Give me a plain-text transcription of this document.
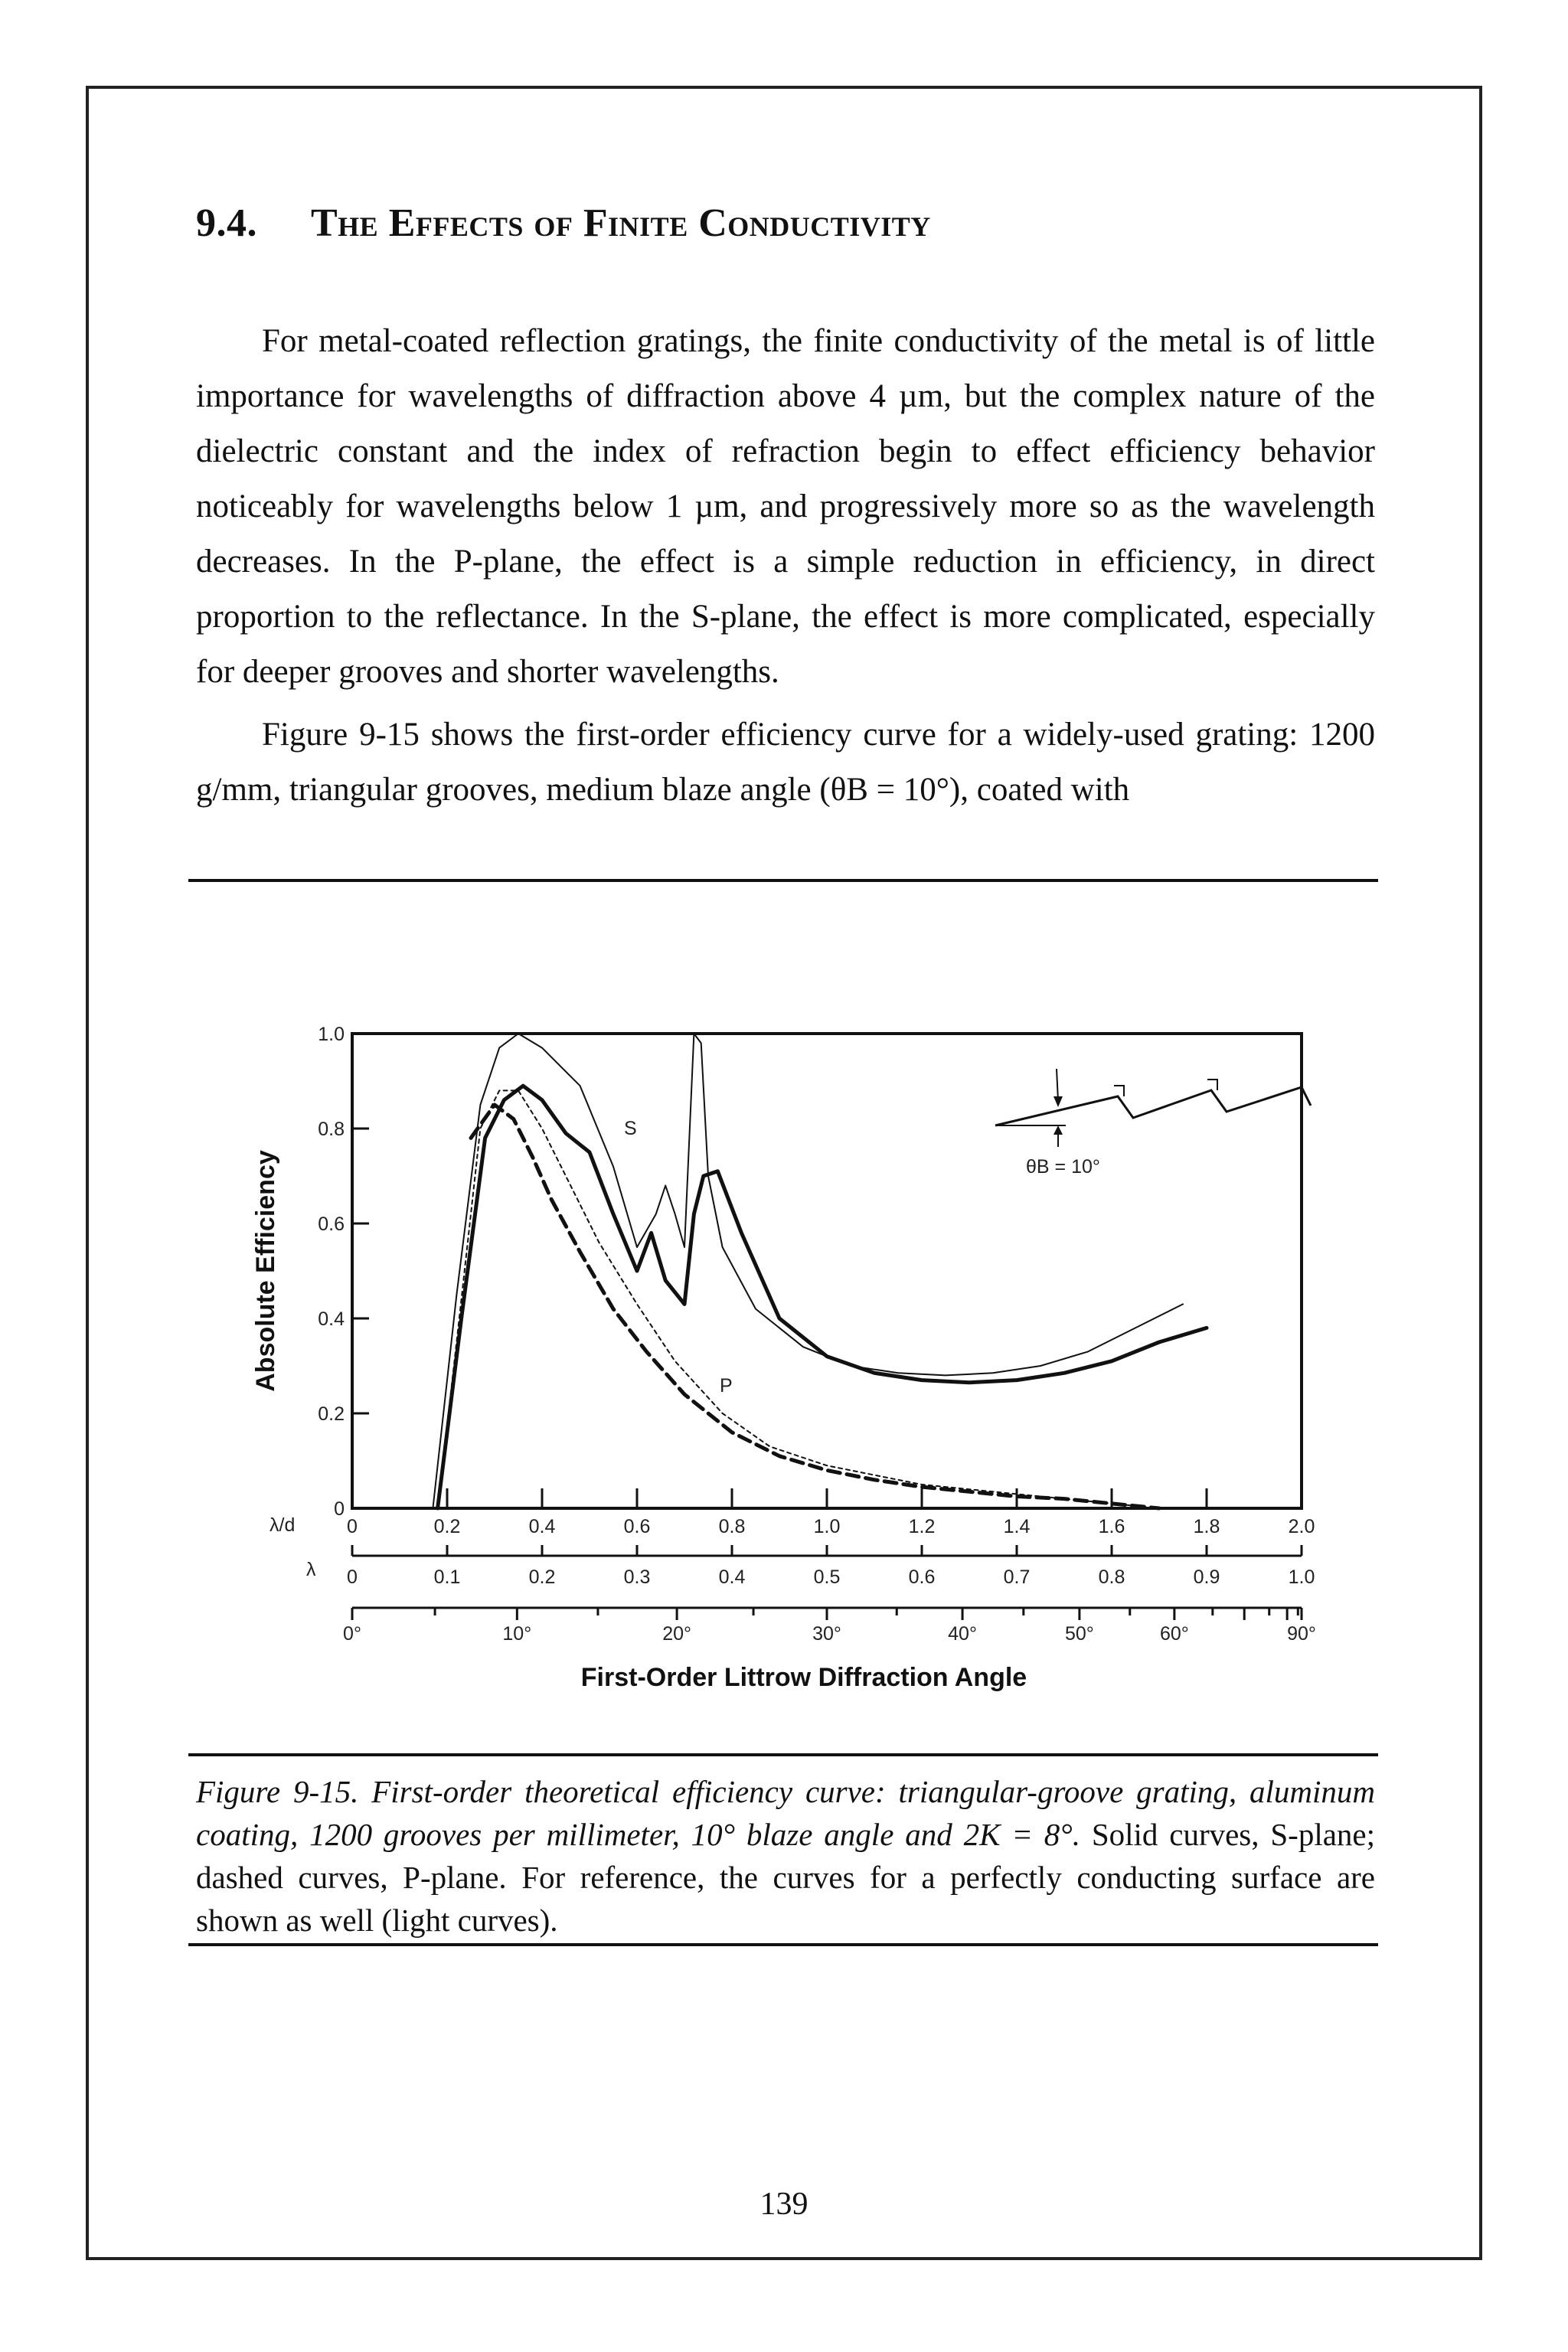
9.4. The Effects of Finite Conductivity

For metal-coated reflection gratings, the finite conductivity of the metal is of little importance for wavelengths of diffraction above 4 µm, but the complex nature of the dielectric constant and the index of refraction begin to effect efficiency behavior noticeably for wavelengths below 1 µm, and progressively more so as the wavelength decreases. In the P-plane, the effect is a simple reduction in efficiency, in direct proportion to the reflectance. In the S-plane, the effect is more complicated, especially for deeper grooves and shorter wavelengths.

Figure 9-15 shows the first-order efficiency curve for a widely-used grating: 1200 g/mm, triangular grooves, medium blaze angle (θB = 10°), coated with

0
0.2
0.4
0.6
0.8
1.0
0	0.2	0.4	0.6	0.8	1.0	1.2	1.4	1.6	1.8	2.0
0	0.1	0.2	0.3	0.4	0.5	0.6	0.7	0.8	0.9	1.0
0°	10°	20°	30°	40°	50°	60°	90°
Absolute Efficiency
λ/d
λ
First-Order Littrow Diffraction Angle
S
P
θB = 10°
Figure 9-15. First-order theoretical efficiency curve: triangular-groove grating, aluminum coating, 1200 grooves per millimeter, 10° blaze angle and 2K = 8°. Solid curves, S-plane; dashed curves, P-plane. For reference, the curves for a perfectly conducting surface are shown as well (light curves).
139
